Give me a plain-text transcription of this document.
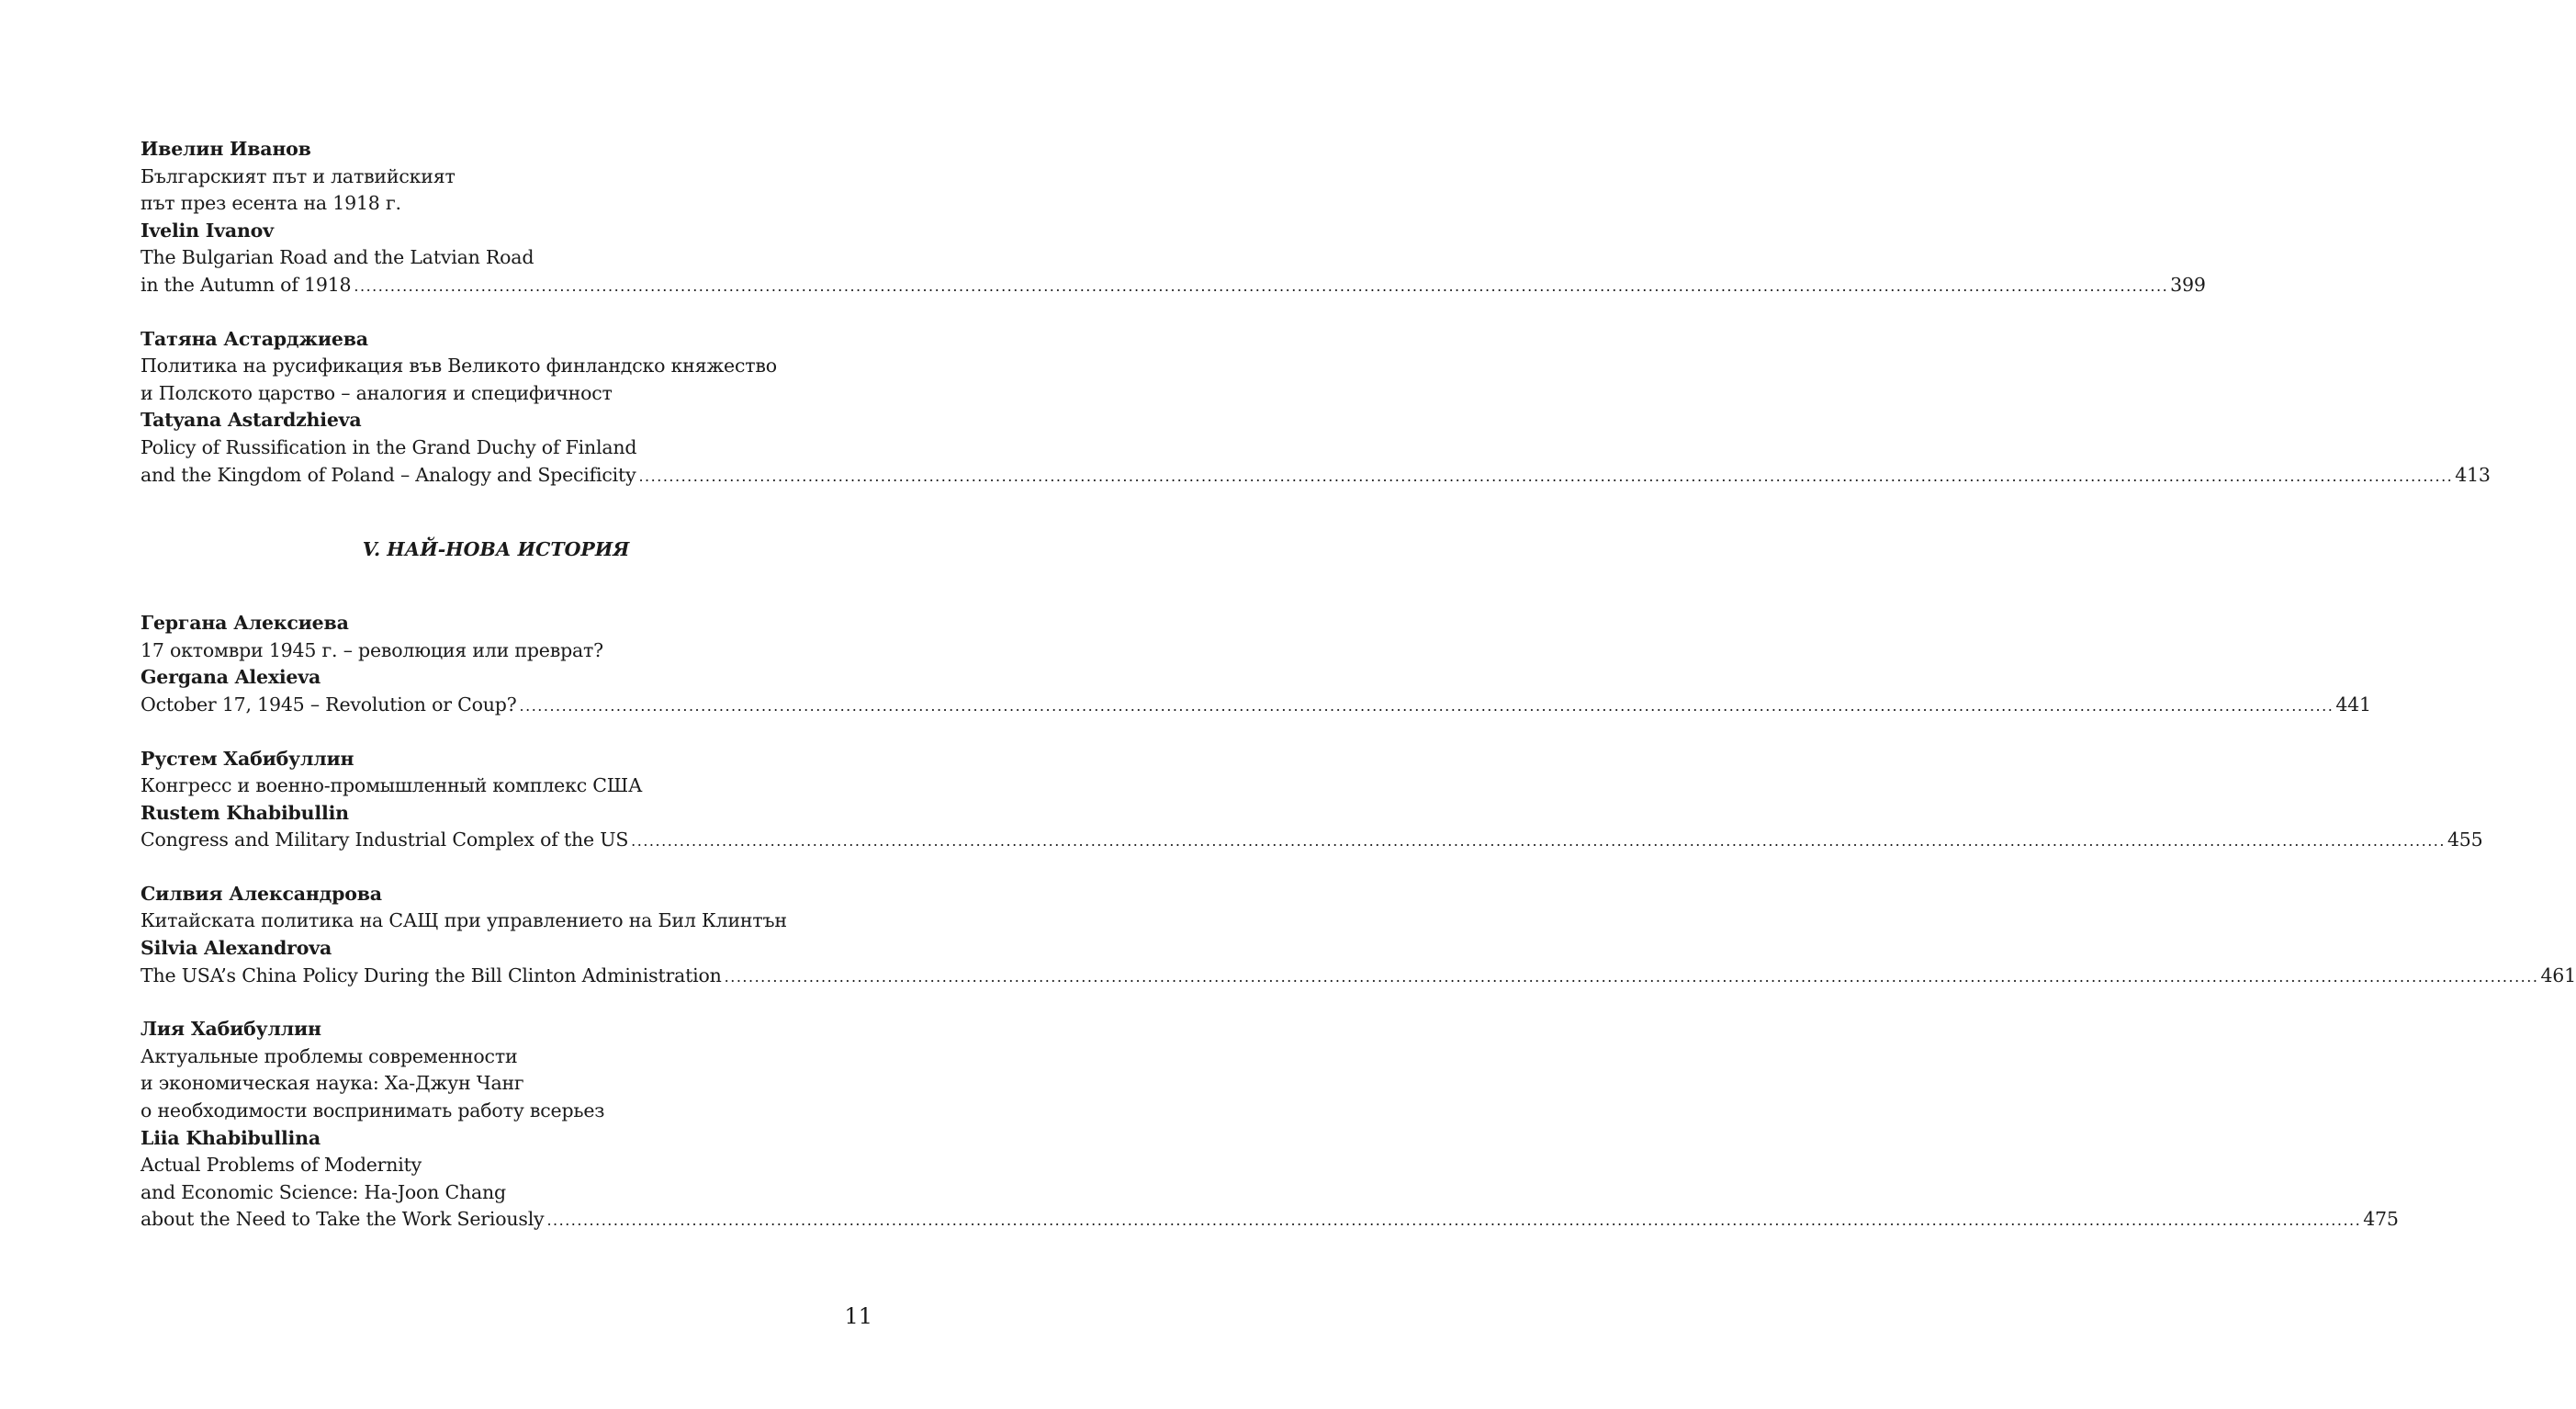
Ивелин Иванов
Българският път и латвийският
път през есента на 1918 г.
Ivelin Ivanov
The Bulgarian Road and the Latvian Road
in the Autumn of 1918 ............................................................................................................................................................................................................................................................................................................ 399
Татяна Астарджиева
Политика на русификация във Великото финландско княжество
и Полското царство – аналогия и специфичност
Tatyana Astardzhieva
Policy of Russification in the Grand Duchy of Finland
and the Kingdom of Poland – Analogy and Specificity ............................................................................................................................................................................................................................................................................................................ 413
V. НАЙ-НОВА ИСТОРИЯ
Гергана Алексиева
17 октомври 1945 г. – революция или преврат?
Gergana Alexieva
October 17, 1945 – Revolution or Coup? ............................................................................................................................................................................................................................................................................................................ 441
Рустем Хабибуллин
Конгресс и военно-промышленный комплекс США
Rustem Khabibullin
Congress and Military Industrial Complex of the US ............................................................................................................................................................................................................................................................................................................ 455
Силвия Александрова
Китайската политика на САЩ при управлението на Бил Клинтън
Silvia Alexandrova
The USA’s China Policy During the Bill Clinton Administration ............................................................................................................................................................................................................................................................................................................ 461
Лия Хабибуллин
Актуальные проблемы современности
и экономическая наука: Ха-Джун Чанг
о необходимости воспринимать работу всерьез
Liia Khabibullina
Actual Problems of Modernity
and Economic Science: Ha-Joon Chang
about the Need to Take the Work Seriously ............................................................................................................................................................................................................................................................................................................ 475
11
